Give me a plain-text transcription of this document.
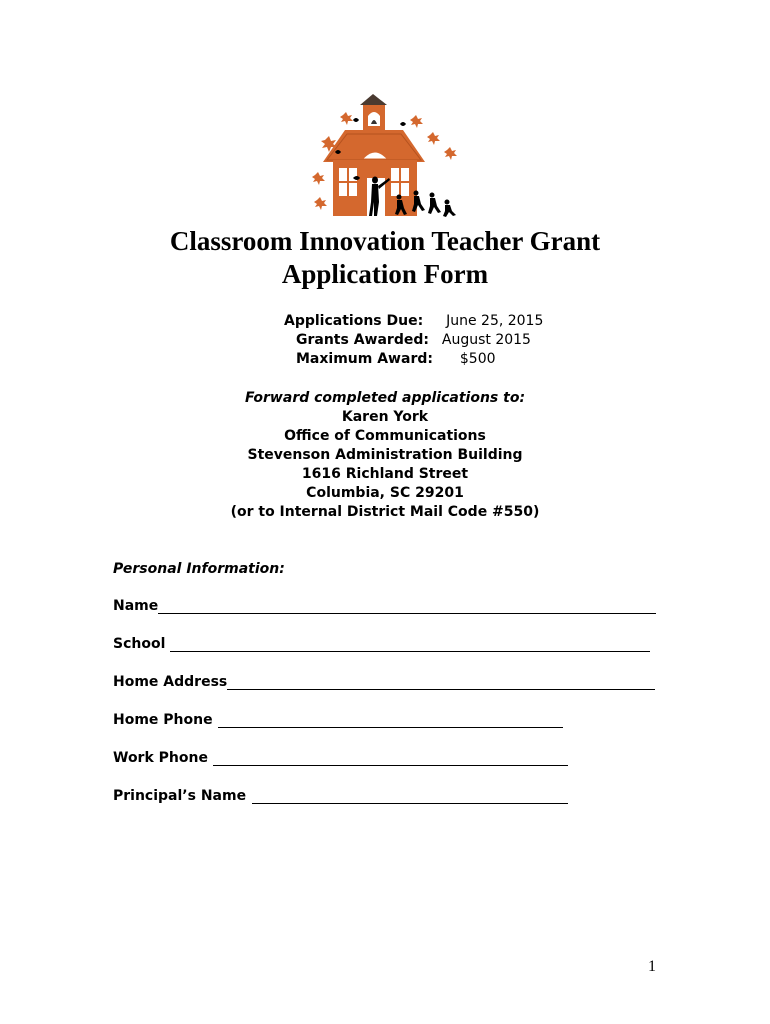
Classroom Innovation Teacher Grant
Application Form
Applications Due: June 25, 2015
Grants Awarded: August 2015
Maximum Award: $500
Forward completed applications to:
Karen York
Office of Communications
Stevenson Administration Building
1616 Richland Street
Columbia, SC 29201
(or to Internal District Mail Code #550)
Personal Information:
Name
School
Home Address
Home Phone
Work Phone
Principal’s Name
1
